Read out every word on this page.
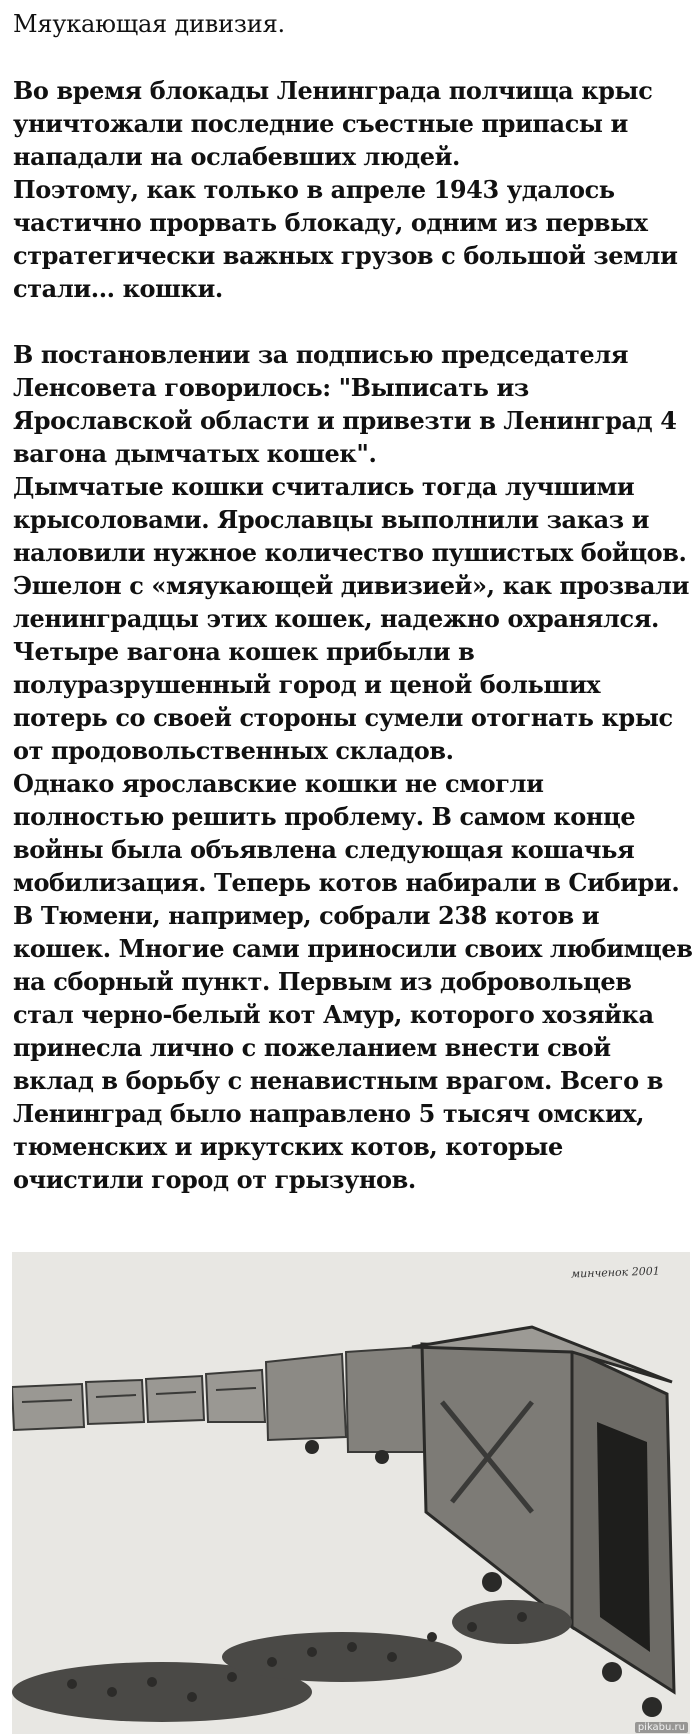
Мяукающая дивизия.

Во время блокады Ленинграда полчища крыс уничтожали последние съестные припасы и нападали на ослабевших людей.

Поэтому, как только в апреле 1943 удалось частично прорвать блокаду, одним из первых стратегически важных грузов с большой земли стали... кошки.

В постановлении за подписью председателя Ленсовета говорилось: "Выписать из Ярославской области и привезти в Ленинград 4 вагона дымчатых кошек".

Дымчатые кошки считались тогда лучшими крысоловами. Ярославцы выполнили заказ и наловили нужное количество пушистых бойцов. Эшелон с «мяукающей дивизией», как прозвали ленинградцы этих кошек, надежно охранялся. Четыре вагона кошек прибыли в полуразрушенный город и ценой больших потерь со своей стороны сумели отогнать крыс от продовольственных складов.

Однако ярославские кошки не смогли полностью решить проблему. В самом конце войны была объявлена следующая кошачья мобилизация. Теперь котов набирали в Сибири. В Тюмени, например, собрали 238 котов и кошек. Многие сами приносили своих любимцев на сборный пункт. Первым из добровольцев стал черно-белый кот Амур, которого хозяйка принесла лично с пожеланием внести свой вклад в борьбу с ненавистным врагом. Всего в Ленинград было направлено 5 тысяч омских, тюменских и иркутских котов, которые очистили город от грызунов.

минченок 2001
pikabu.ru
